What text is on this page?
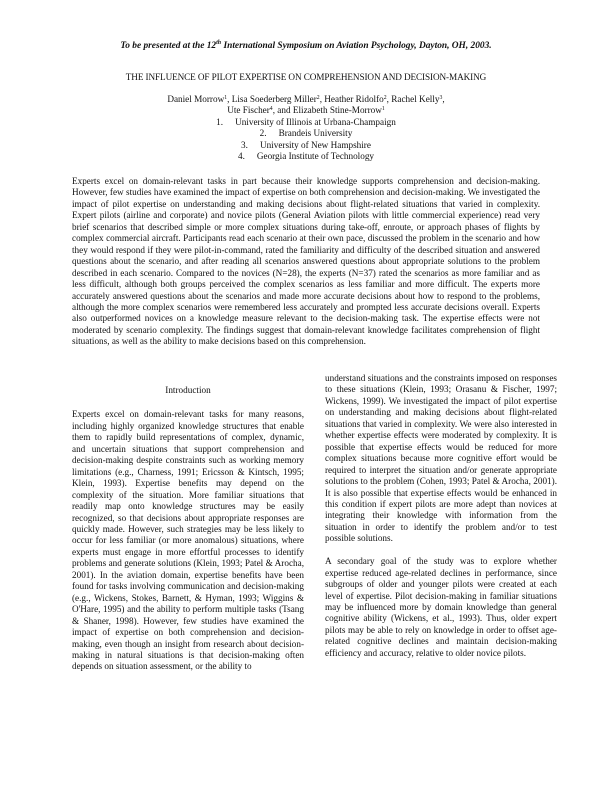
To be presented at the 12th International Symposium on Aviation Psychology, Dayton, OH, 2003.
THE INFLUENCE OF PILOT EXPERTISE ON COMPREHENSION AND DECISION-MAKING
Daniel Morrow$^1$, Lisa Soederberg Miller$^2$, Heather Ridolfo$^2$, Rachel Kelly$^3$,
Ute Fischer$^4$, and Elizabeth Stine-Morrow$^1$
1. University of Illinois at Urbana-Champaign
2. Brandeis University
3. University of New Hampshire
4. Georgia Institute of Technology
Experts excel on domain-relevant tasks in part because their knowledge supports comprehension and decision-making. However, few studies have examined the impact of expertise on both comprehension and decision-making. We investigated the impact of pilot expertise on understanding and making decisions about flight-related situations that varied in complexity. Expert pilots (airline and corporate) and novice pilots (General Aviation pilots with little commercial experience) read very brief scenarios that described simple or more complex situations during take-off, enroute, or approach phases of flights by complex commercial aircraft. Participants read each scenario at their own pace, discussed the problem in the scenario and how they would respond if they were pilot-in-command, rated the familiarity and difficulty of the described situation and answered questions about the scenario, and after reading all scenarios answered questions about appropriate solutions to the problem described in each scenario. Compared to the novices (N=28), the experts (N=37) rated the scenarios as more familiar and as less difficult, although both groups perceived the complex scenarios as less familiar and more difficult. The experts more accurately answered questions about the scenarios and made more accurate decisions about how to respond to the problems, although the more complex scenarios were remembered less accurately and prompted less accurate decisions overall. Experts also outperformed novices on a knowledge measure relevant to the decision-making task. The expertise effects were not moderated by scenario complexity. The findings suggest that domain-relevant knowledge facilitates comprehension of flight situations, as well as the ability to make decisions based on this comprehension.
Introduction

Experts excel on domain-relevant tasks for many reasons, including highly organized knowledge structures that enable them to rapidly build representations of complex, dynamic, and uncertain situations that support comprehension and decision-making despite constraints such as working memory limitations (e.g., Charness, 1991; Ericsson & Kintsch, 1995; Klein, 1993). Expertise benefits may depend on the complexity of the situation. More familiar situations that readily map onto knowledge structures may be easily recognized, so that decisions about appropriate responses are quickly made. However, such strategies may be less likely to occur for less familiar (or more anomalous) situations, where experts must engage in more effortful processes to identify problems and generate solutions (Klein, 1993; Patel & Arocha, 2001). In the aviation domain, expertise benefits have been found for tasks involving communication and decision-making (e.g., Wickens, Stokes, Barnett, & Hyman, 1993; Wiggins & O'Hare, 1995) and the ability to perform multiple tasks (Tsang & Shaner, 1998). However, few studies have examined the impact of expertise on both comprehension and decision-making, even though an insight from research about decision-making in natural situations is that decision-making often depends on situation assessment, or the ability to

understand situations and the constraints imposed on responses to these situations (Klein, 1993; Orasanu & Fischer, 1997; Wickens, 1999). We investigated the impact of pilot expertise on understanding and making decisions about flight-related situations that varied in complexity. We were also interested in whether expertise effects were moderated by complexity. It is possible that expertise effects would be reduced for more complex situations because more cognitive effort would be required to interpret the situation and/or generate appropriate solutions to the problem (Cohen, 1993; Patel & Arocha, 2001). It is also possible that expertise effects would be enhanced in this condition if expert pilots are more adept than novices at integrating their knowledge with information from the situation in order to identify the problem and/or to test possible solutions.

A secondary goal of the study was to explore whether expertise reduced age-related declines in performance, since subgroups of older and younger pilots were created at each level of expertise. Pilot decision-making in familiar situations may be influenced more by domain knowledge than general cognitive ability (Wickens, et al., 1993). Thus, older expert pilots may be able to rely on knowledge in order to offset age-related cognitive declines and maintain decision-making efficiency and accuracy, relative to older novice pilots.
